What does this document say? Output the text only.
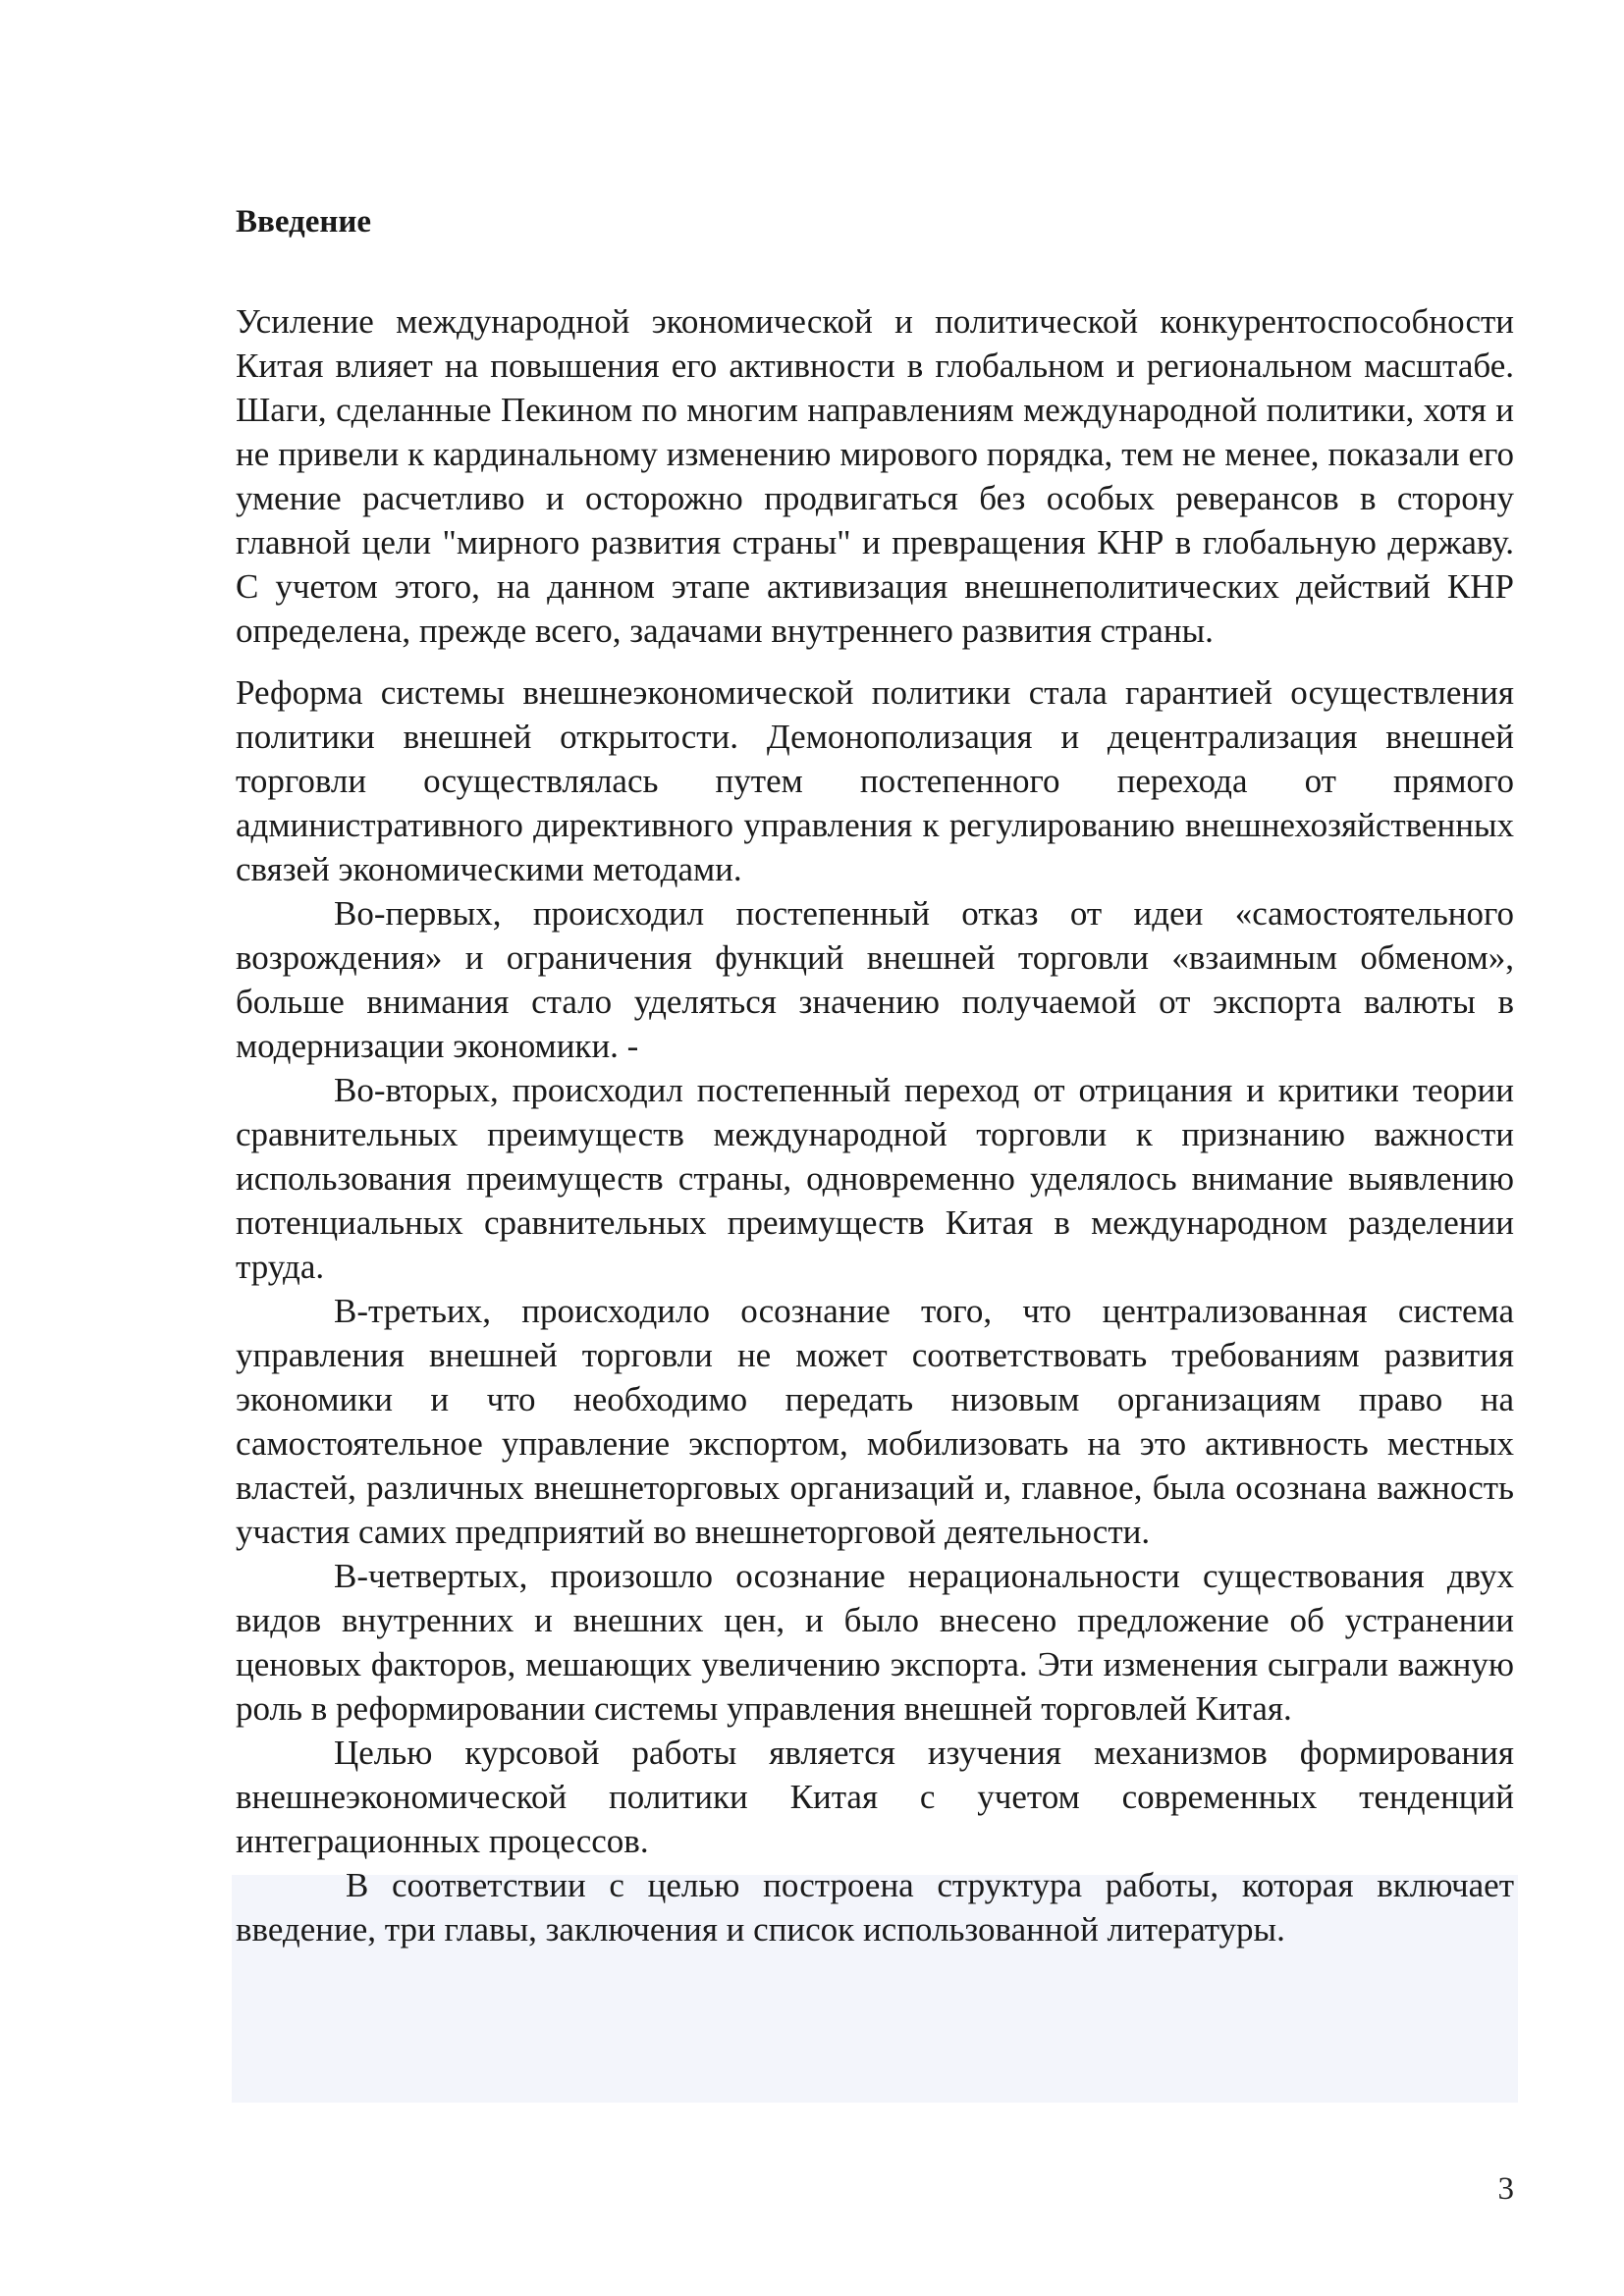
Введение

Усиление международной экономической и политической конкурентоспособности Китая влияет на повышения его активности в глобальном и региональном масштабе. Шаги, сделанные Пекином по многим направлениям международной политики, хотя и не привели к кардинальному изменению мирового порядка, тем не менее, показали его умение расчетливо и осторожно продвигаться без особых реверансов в сторону главной цели "мирного развития страны" и превращения КНР в глобальную державу. С учетом этого, на данном этапе активизация внешнеполитических действий КНР определена, прежде всего, задачами внутреннего развития страны.

Реформа системы внешнеэкономической политики стала гарантией осуществления политики внешней открытости. Демонополизация и децентрализация внешней торговли осуществлялась путем постепенного перехода от прямого административного директивного управления к регулированию внешнехозяйственных связей экономическими методами.

Во-первых, происходил постепенный отказ от идеи «самостоятельного возрождения» и ограничения функций внешней торговли «взаимным обменом», больше внимания стало уделяться значению получаемой от экспорта валюты в модернизации экономики. -

Во-вторых, происходил постепенный переход от отрицания и критики теории сравнительных преимуществ международной торговли к признанию важности использования преимуществ страны, одновременно уделялось внимание выявлению потенциальных сравнительных преимуществ Китая в международном разделении труда.

В-третьих, происходило осознание того, что централизованная система управления внешней торговли не может соответствовать требованиям развития экономики и что необходимо передать низовым организациям право на самостоятельное управление экспортом, мобилизовать на это активность местных властей, различных внешнеторговых организаций и, главное, была осознана важность участия самих предприятий во внешнеторговой деятельности.

В-четвертых, произошло осознание нерациональности существования двух видов внутренних и внешних цен, и было внесено предложение об устранении ценовых факторов, мешающих увеличению экспорта. Эти изменения сыграли важную роль в реформировании системы управления внешней торговлей Китая.

Целью курсовой работы является изучения механизмов формирования внешнеэкономической политики Китая с учетом современных тенденций интеграционных процессов.

В соответствии с целью построена структура работы, которая включает введение, три главы, заключения и список использованной литературы.

3
